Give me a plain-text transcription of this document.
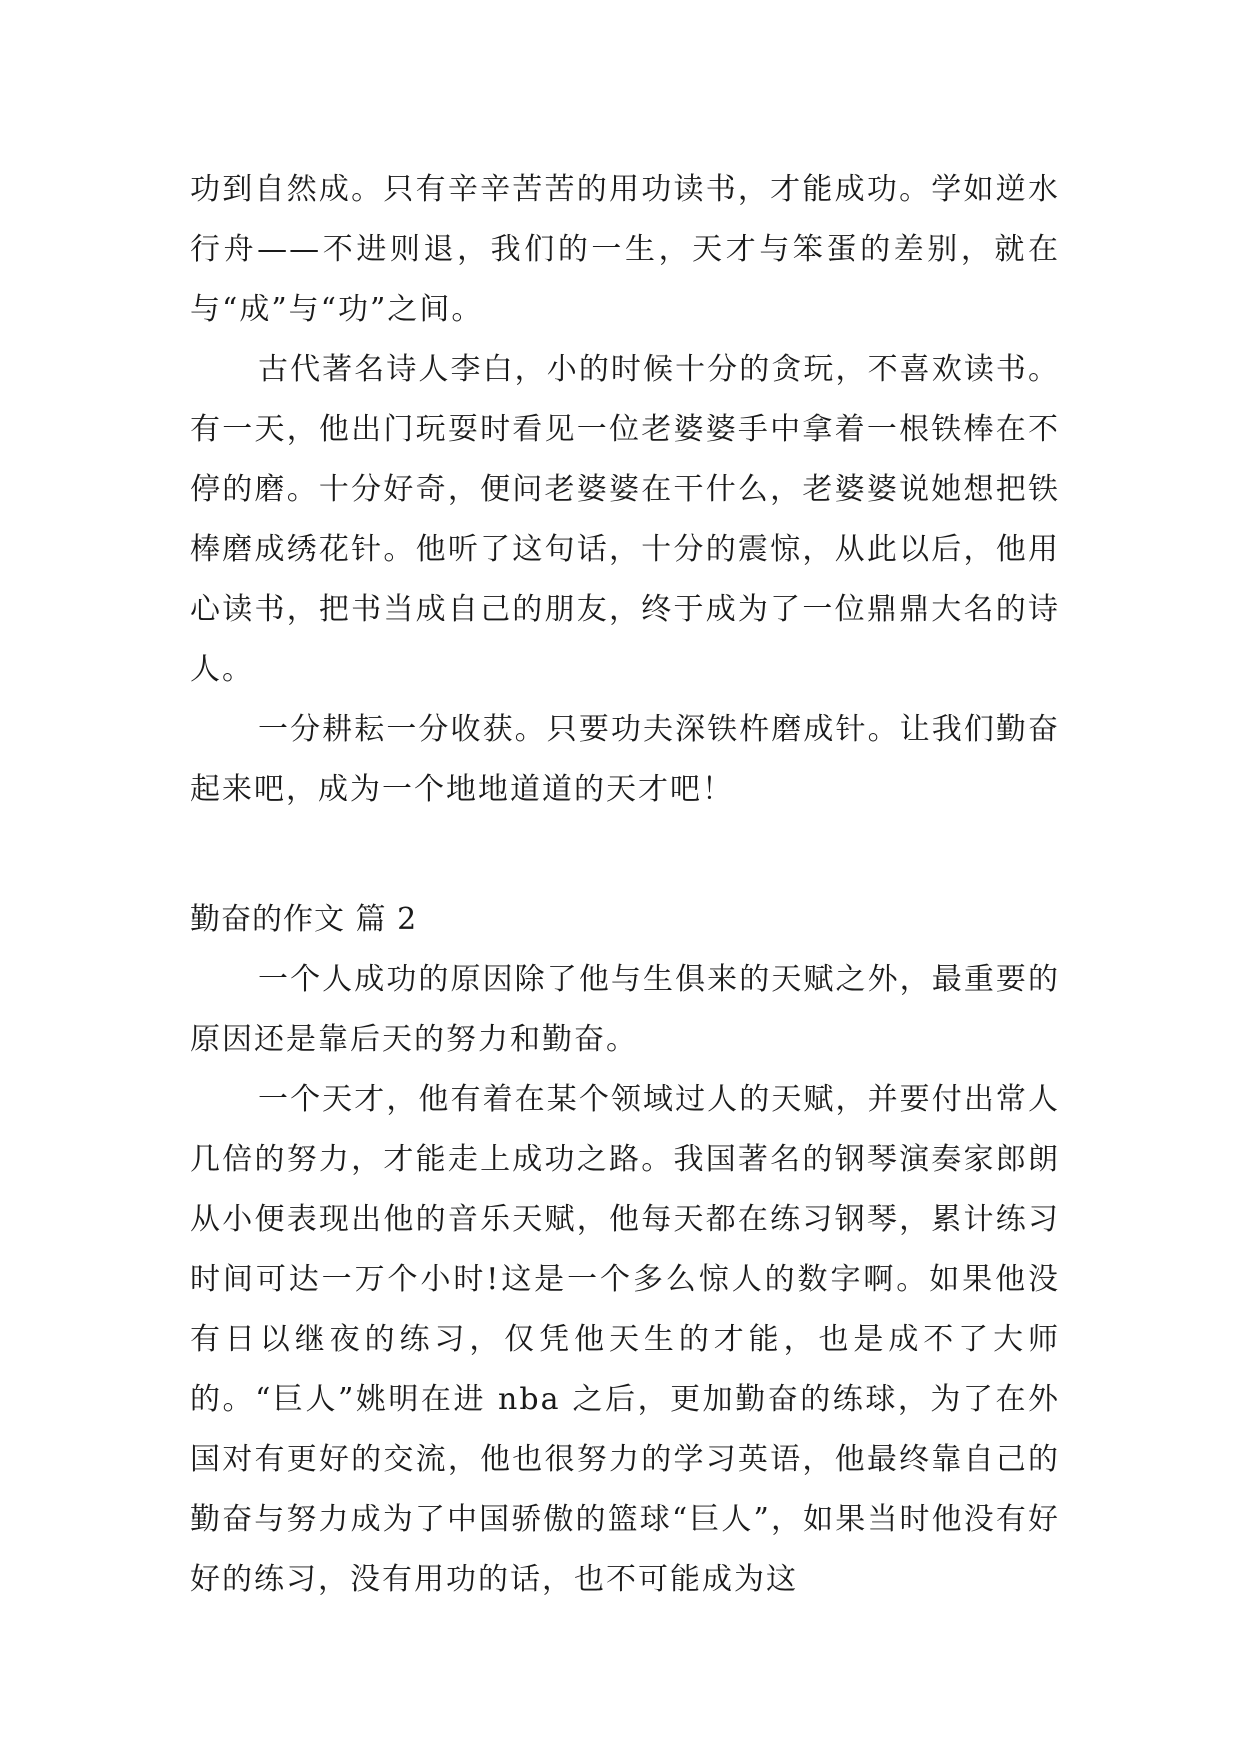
功到自然成。只有辛辛苦苦的用功读书，才能成功。学如逆水行舟——不进则退，我们的一生，天才与笨蛋的差别，就在与“成”与“功”之间。

古代著名诗人李白，小的时候十分的贪玩，不喜欢读书。有一天，他出门玩耍时看见一位老婆婆手中拿着一根铁棒在不停的磨。十分好奇，便问老婆婆在干什么，老婆婆说她想把铁棒磨成绣花针。他听了这句话，十分的震惊，从此以后，他用心读书，把书当成自己的朋友，终于成为了一位鼎鼎大名的诗人。

一分耕耘一分收获。只要功夫深铁杵磨成针。让我们勤奋起来吧，成为一个地地道道的天才吧！

勤奋的作文 篇 2

一个人成功的原因除了他与生俱来的天赋之外，最重要的原因还是靠后天的努力和勤奋。

一个天才，他有着在某个领域过人的天赋，并要付出常人几倍的努力，才能走上成功之路。我国著名的钢琴演奏家郎朗从小便表现出他的音乐天赋，他每天都在练习钢琴，累计练习时间可达一万个小时!这是一个多么惊人的数字啊。如果他没有日以继夜的练习，仅凭他天生的才能，也是成不了大师的。“巨人”姚明在进 nba 之后，更加勤奋的练球，为了在外国对有更好的交流，他也很努力的学习英语，他最终靠自己的勤奋与努力成为了中国骄傲的篮球“巨人”，如果当时他没有好好的练习，没有用功的话，也不可能成为这
